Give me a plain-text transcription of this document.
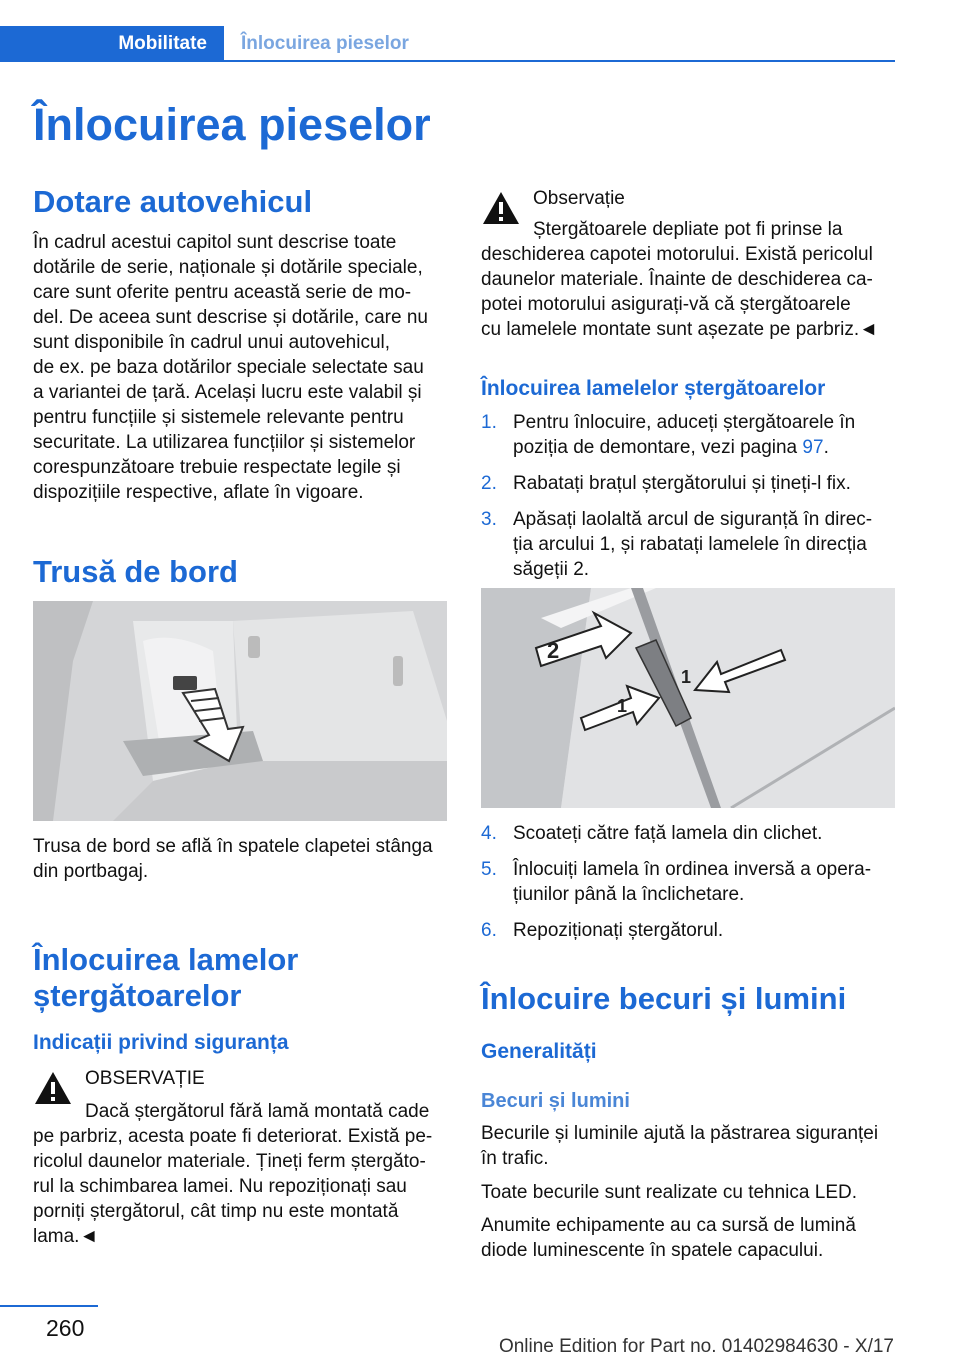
Mobilitate Înlocuirea pieselor
Înlocuirea pieselor
Dotare autovehicul
În cadrul acestui capitol sunt descrise toate
dotările de serie, naționale și dotările speciale,
care sunt oferite pentru această serie de mo‐
del. De aceea sunt descrise și dotările, care nu
sunt disponibile în cadrul unui autovehicul,
de ex. pe baza dotărilor speciale selectate sau
a variantei de țară. Același lucru este valabil și
pentru funcțiile și sistemele relevante pentru
securitate. La utilizarea funcțiilor și sistemelor
corespunzătoare trebuie respectate legile și
dispozițiile respective, aflate în vigoare.
Trusă de bord
Trusa de bord se află în spatele clapetei stânga
din portbagaj.
Înlocuirea lamelor
ștergătoarelor
Indicații privind siguranța
OBSERVAȚIE
Dacă ștergătorul fără lamă montată cade
pe parbriz, acesta poate fi deteriorat. Există pe‐
ricolul daunelor materiale. Țineți ferm ștergăto‐
rul la schimbarea lamei. Nu repoziționați sau
porniți ștergătorul, cât timp nu este montată
lama.◄
Observație
Ștergătoarele depliate pot fi prinse la
deschiderea capotei motorului. Există pericolul
daunelor materiale. Înainte de deschiderea ca‐
potei motorului asigurați-vă că ștergătoarele
cu lamelele montate sunt așezate pe parbriz.◄
Înlocuirea lamelelor ștergătoarelor
1. Pentru înlocuire, aduceți ștergătoarele în
poziția de demontare, vezi pagina 97.
2. Rabatați brațul ștergătorului și țineți-l fix.
3. Apăsați laolaltă arcul de siguranță în direc‐
ția arcului 1, și rabatați lamelele în direcția
săgeții 2.
2
1
1
4. Scoateți către față lamela din clichet.
5. Înlocuiți lamela în ordinea inversă a opera‐
țiunilor până la înclichetare.
6. Repoziționați ștergătorul.
Înlocuire becuri și lumini
Generalități
Becuri și lumini
Becurile și luminile ajută la păstrarea siguranței
în trafic.
Toate becurile sunt realizate cu tehnica LED.
Anumite echipamente au ca sursă de lumină
diode luminescente în spatele capacului.
260
Online Edition for Part no. 01402984630 - X/17
